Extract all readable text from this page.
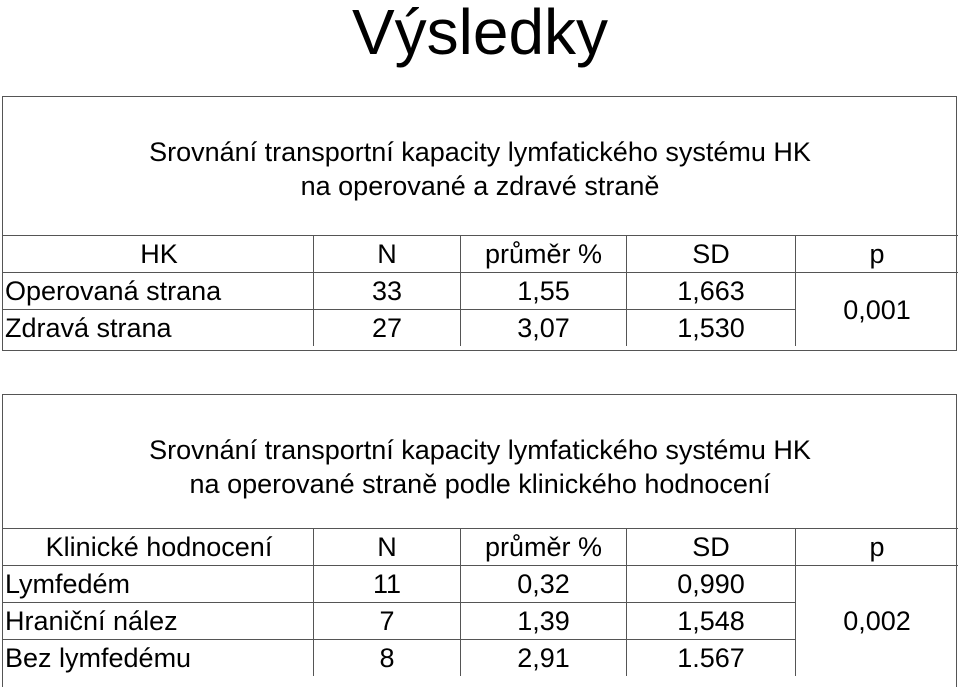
Výsledky
Srovnání transportní kapacity lymfatického systému HK
na operované a zdravé straně
HK	N	průměr %	SD	p
Operovaná strana	33	1,55	1,663	0,001
Zdravá strana	27	3,07	1,530	
Srovnání transportní kapacity lymfatického systému HK
na operované straně podle klinického hodnocení
Klinické hodnocení	N	průměr %	SD	p
Lymfedém	11	0,32	0,990	0,002
Hraniční nález	7	1,39	1,548	
Bez lymfedému	8	2,91	1.567	
